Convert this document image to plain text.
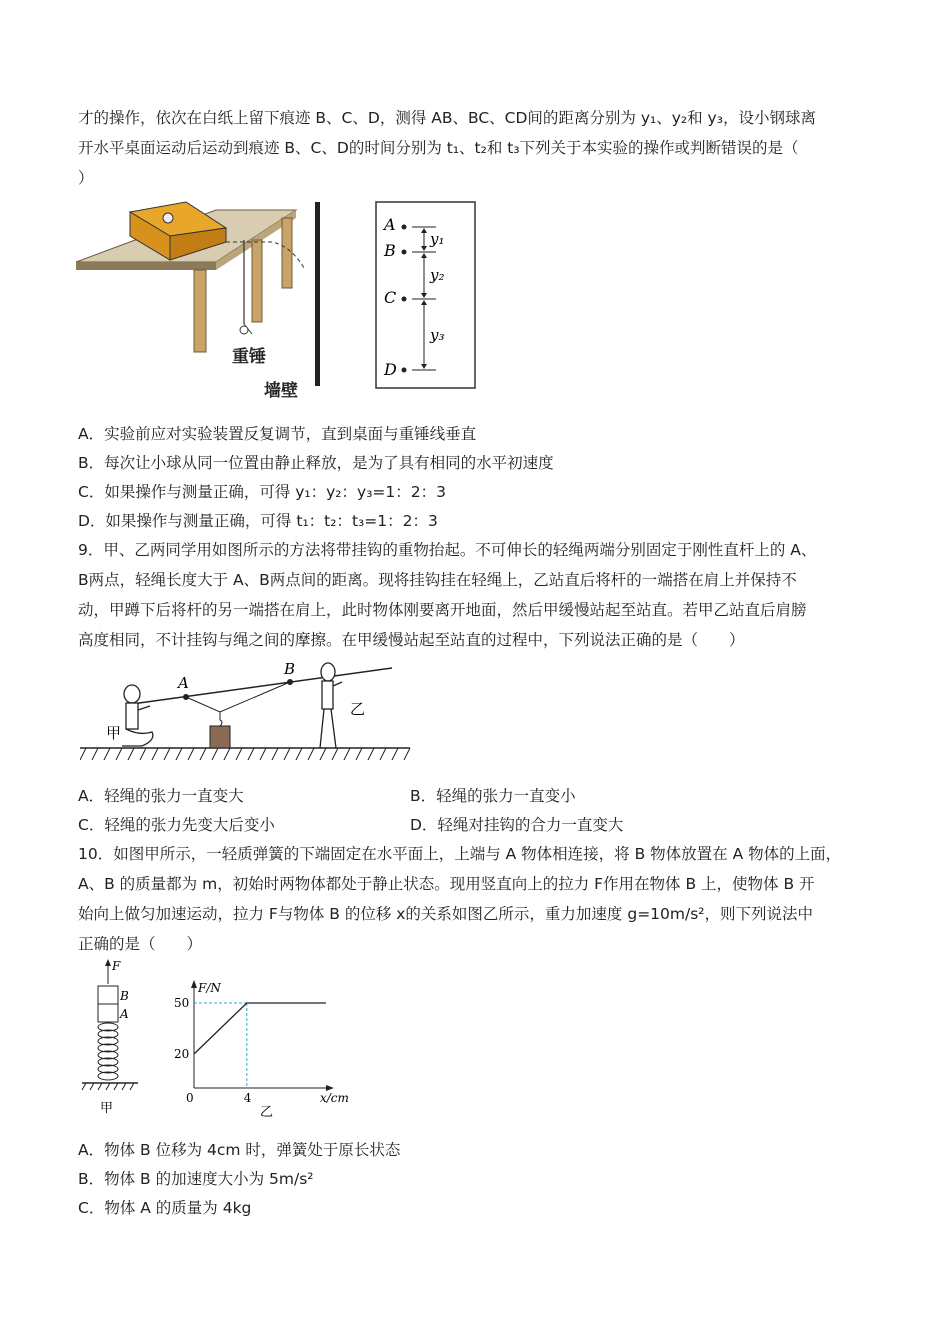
才的操作，依次在白纸上留下痕迹 B、C、D，测得 AB、BC、CD间的距离分别为 y₁、y₂和 y₃，设小钢球离
开水平桌面运动后运动到痕迹 B、C、D的时间分别为 t₁、t₂和 t₃下列关于本实验的操作或判断错误的是（
）
重锤
墙壁
A
B
C
D
y₁
y₂
y₃
A．实验前应对实验装置反复调节，直到桌面与重锤线垂直
B．每次让小球从同一位置由静止释放，是为了具有相同的水平初速度
C．如果操作与测量正确，可得 y₁：y₂：y₃=1：2：3
D．如果操作与测量正确，可得 t₁：t₂：t₃=1：2：3
9．甲、乙两同学用如图所示的方法将带挂钩的重物抬起。不可伸长的轻绳两端分别固定于刚性直杆上的 A、
B两点，轻绳长度大于 A、B两点间的距离。现将挂钩挂在轻绳上，乙站直后将杆的一端搭在肩上并保持不
动，甲蹲下后将杆的另一端搭在肩上，此时物体刚要离开地面，然后甲缓慢站起至站直。若甲乙站直后肩膀
高度相同，不计挂钩与绳之间的摩擦。在甲缓慢站起至站直的过程中，下列说法正确的是（　　）
A
B
甲
乙
A．轻绳的张力一直变大	B．轻绳的张力一直变小
C．轻绳的张力先变大后变小	D．轻绳对挂钩的合力一直变大
10．如图甲所示，一轻质弹簧的下端固定在水平面上，上端与 A 物体相连接，将 B 物体放置在 A 物体的上面，
A、B 的质量都为 m，初始时两物体都处于静止状态。现用竖直向上的拉力 F作用在物体 B 上，使物体 B 开
始向上做匀加速运动，拉力 F与物体 B 的位移 x的关系如图乙所示，重力加速度 g=10m/s²，则下列说法中
正确的是（　　）
F
B
A
甲
F/N
x/cm
0	4
20
50
乙
A．物体 B 位移为 4cm 时，弹簧处于原长状态
B．物体 B 的加速度大小为 5m/s²
C．物体 A 的质量为 4kg
